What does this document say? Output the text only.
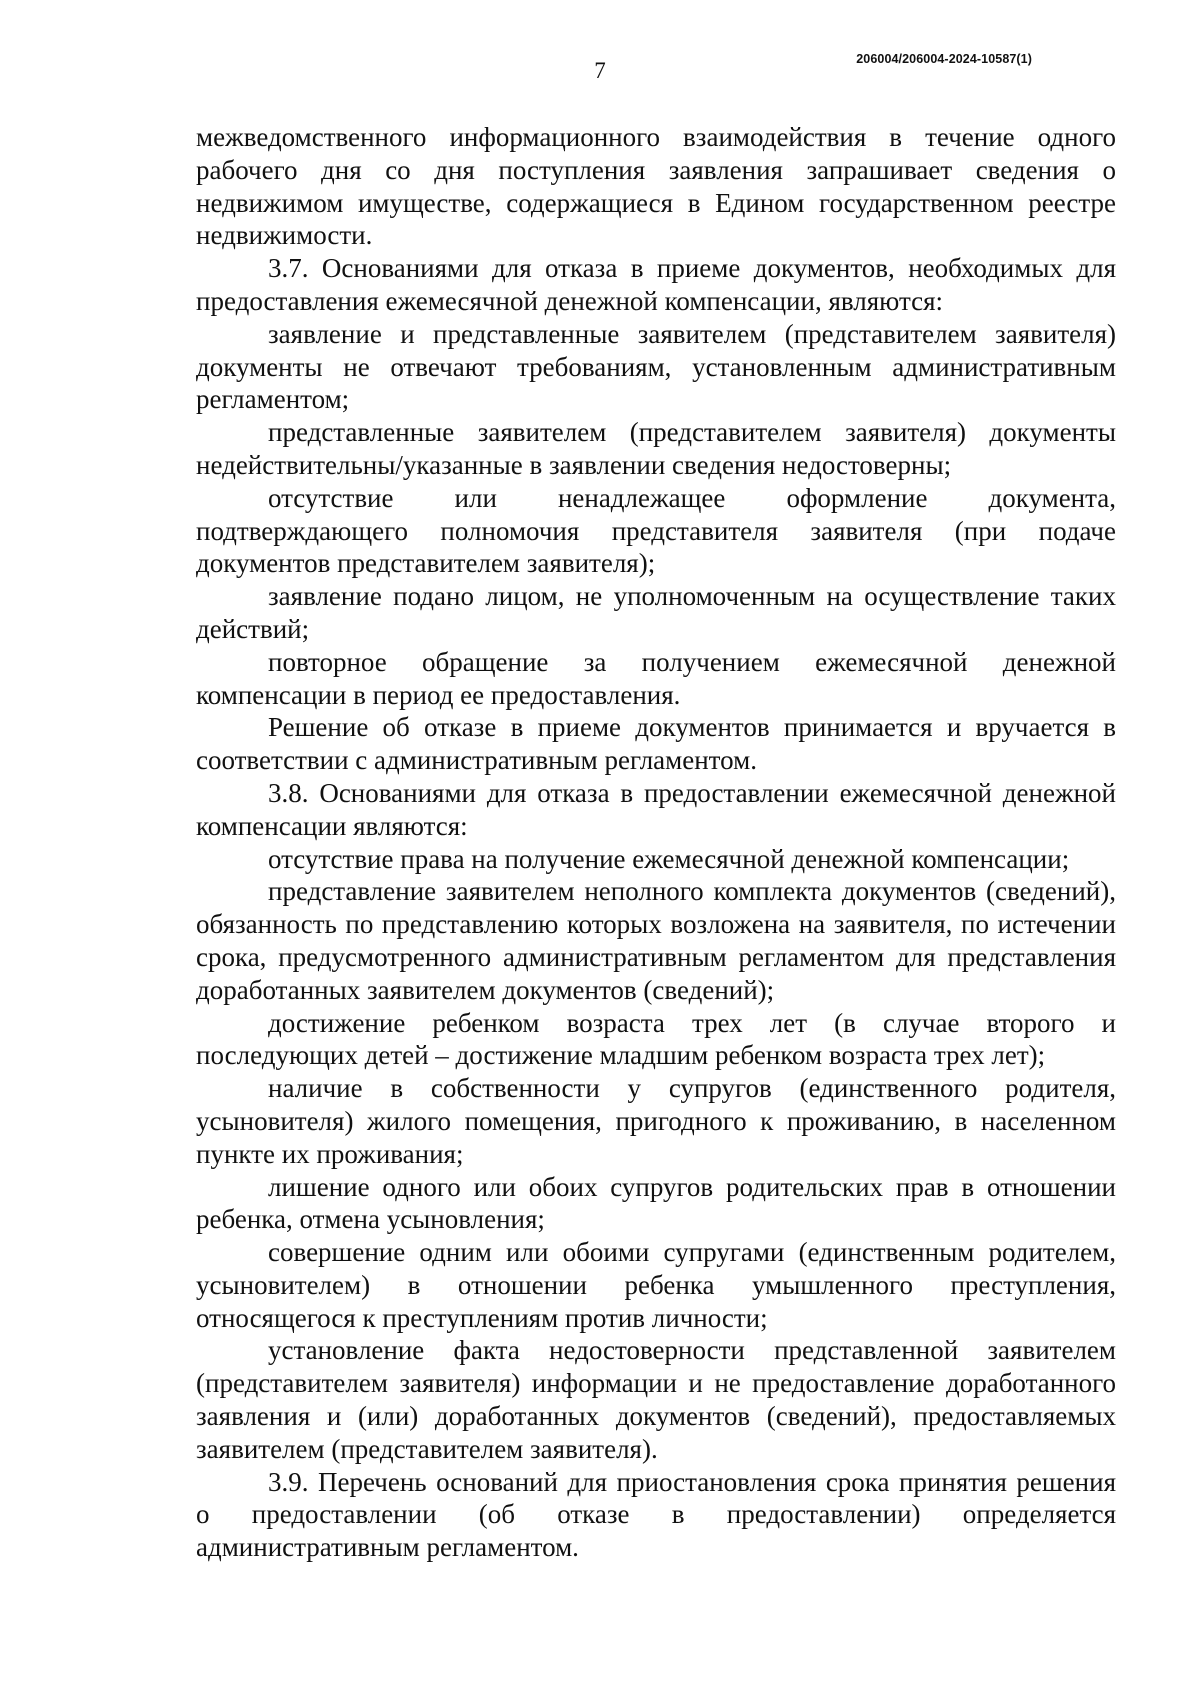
7	206004/206004-2024-10587(1)

межведомственного информационного взаимодействия в течение одного рабочего дня со дня поступления заявления запрашивает сведения о недвижимом имуществе, содержащиеся в Едином государственном реестре недвижимости.

3.7. Основаниями для отказа в приеме документов, необходимых для предоставления ежемесячной денежной компенсации, являются:

заявление и представленные заявителем (представителем заявителя) документы не отвечают требованиям, установленным административным регламентом;

представленные заявителем (представителем заявителя) документы недействительны/указанные в заявлении сведения недостоверны;

отсутствие или ненадлежащее оформление документа, подтверждающего полномочия представителя заявителя (при подаче документов представителем заявителя);

заявление подано лицом, не уполномоченным на осуществление таких действий;

повторное обращение за получением ежемесячной денежной компенсации в период ее предоставления.

Решение об отказе в приеме документов принимается и вручается в соответствии с административным регламентом.

3.8. Основаниями для отказа в предоставлении ежемесячной денежной компенсации являются:

отсутствие права на получение ежемесячной денежной компенсации;

представление заявителем неполного комплекта документов (сведений), обязанность по представлению которых возложена на заявителя, по истечении срока, предусмотренного административным регламентом для представления доработанных заявителем документов (сведений);

достижение ребенком возраста трех лет (в случае второго и последующих детей – достижение младшим ребенком возраста трех лет);

наличие в собственности у супругов (единственного родителя, усыновителя) жилого помещения, пригодного к проживанию, в населенном пункте их проживания;

лишение одного или обоих супругов родительских прав в отношении ребенка, отмена усыновления;

совершение одним или обоими супругами (единственным родителем, усыновителем) в отношении ребенка умышленного преступления, относящегося к преступлениям против личности;

установление факта недостоверности представленной заявителем (представителем заявителя) информации и не предоставление доработанного заявления и (или) доработанных документов (сведений), предоставляемых заявителем (представителем заявителя).

3.9. Перечень оснований для приостановления срока принятия решения о предоставлении (об отказе в предоставлении) определяется административным регламентом.
